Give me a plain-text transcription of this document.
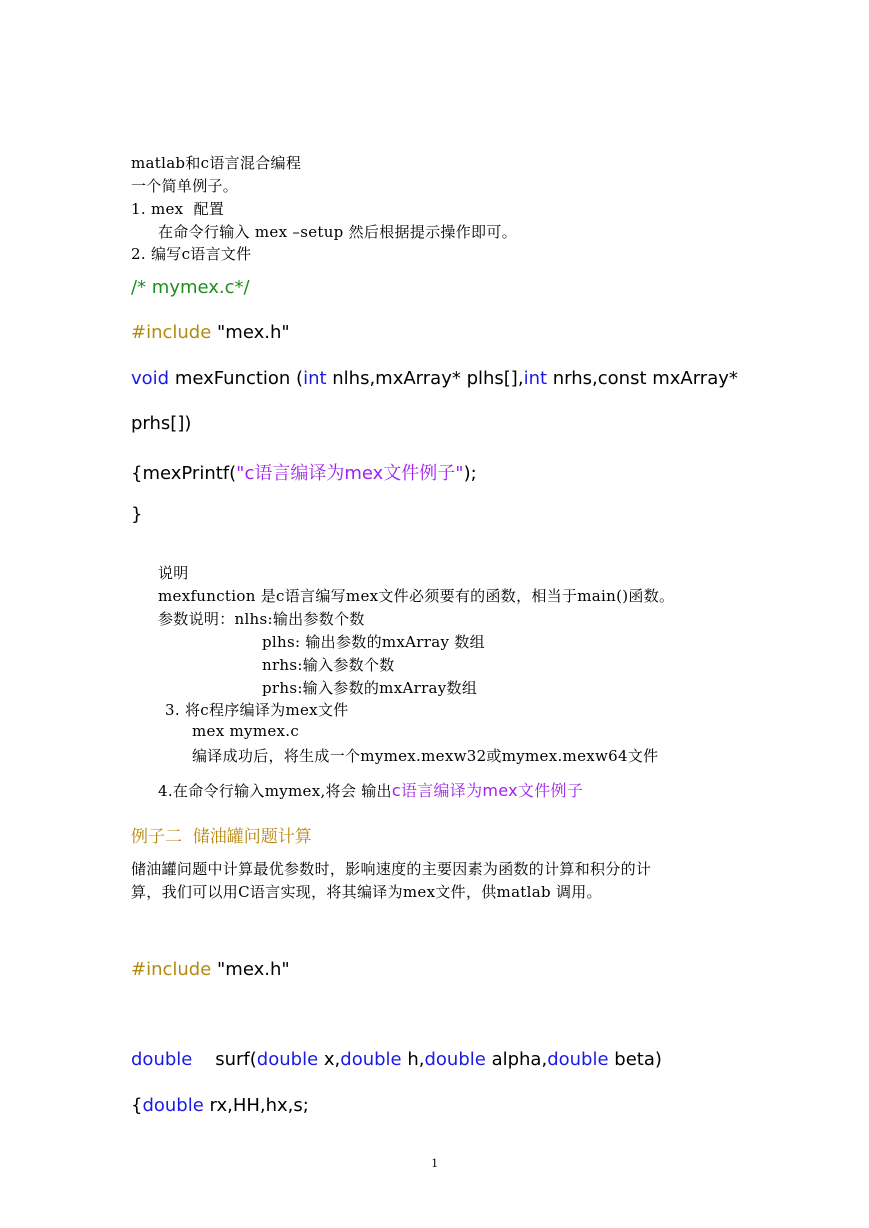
matlab和c语言混合编程
一个简单例子。
1. mex  配置
在命令行输入 mex –setup 然后根据提示操作即可。
2. 编写c语言文件
/* mymex.c*/
#include "mex.h"
void mexFunction (int nlhs,mxArray* plhs[],int nrhs,const mxArray*
prhs[])
{mexPrintf("c语言编译为mex文件例子");
}
说明
mexfunction 是c语言编写mex文件必须要有的函数，相当于main()函数。
参数说明：nlhs:输出参数个数
plhs: 输出参数的mxArray 数组
nrhs:输入参数个数
prhs:输入参数的mxArray数组
3. 将c程序编译为mex文件
mex mymex.c
编译成功后，将生成一个mymex.mexw32或mymex.mexw64文件
4.在命令行输入mymex,将会 输出c语言编译为mex文件例子
例子二  储油罐问题计算
储油罐问题中计算最优参数时，影响速度的主要因素为函数的计算和积分的计
算，我们可以用C语言实现，将其编译为mex文件，供matlab 调用。
#include "mex.h"
double    surf(double x,double h,double alpha,double beta)
{double rx,HH,hx,s;
1
